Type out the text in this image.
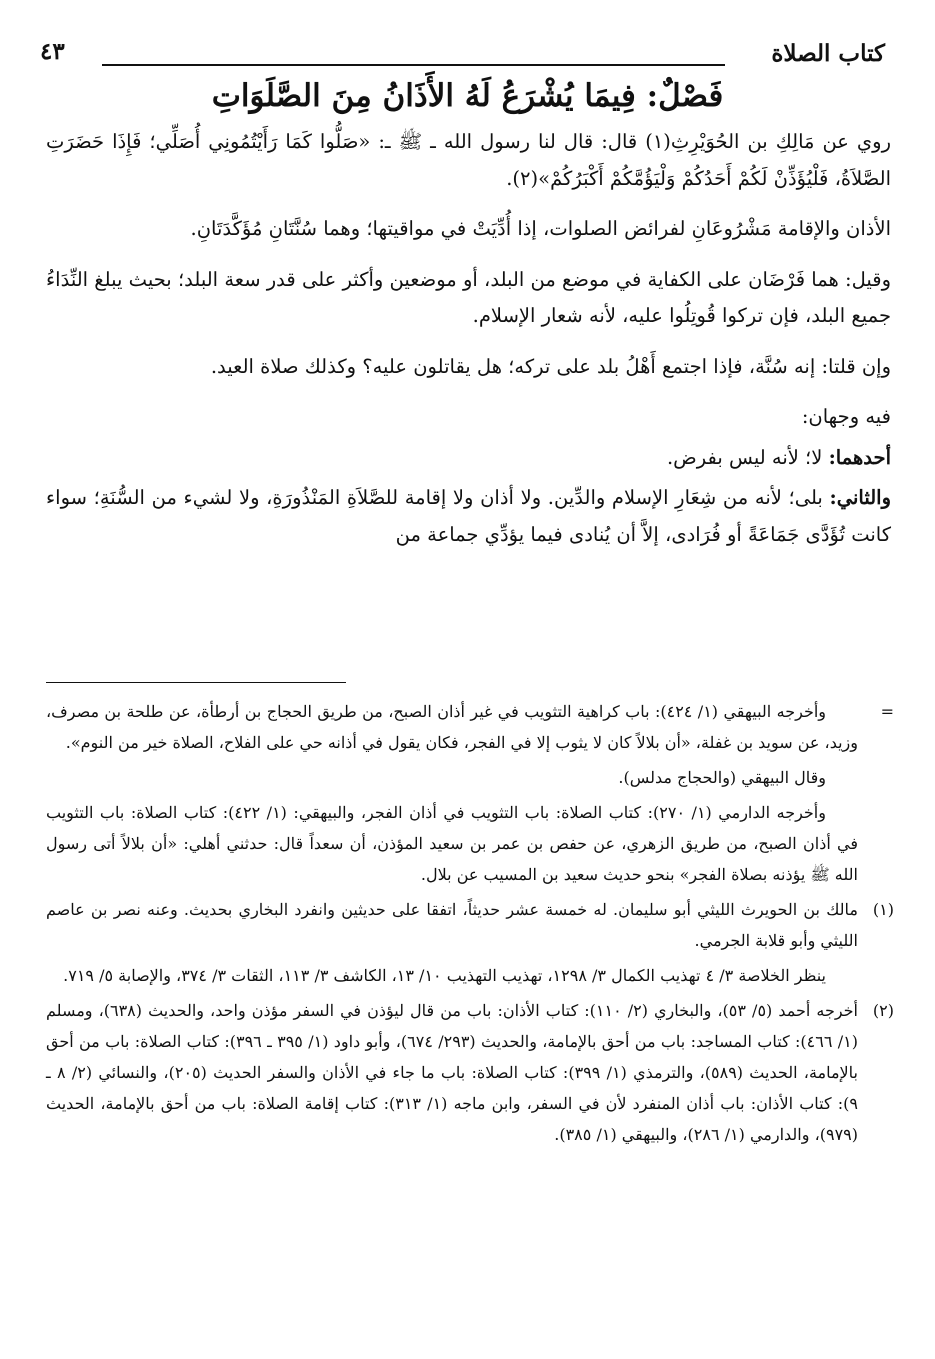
كتاب الصلاة
٤٣
فَصْلٌ: فِيمَا يُشْرَعُ لَهُ الأَذَانُ مِنَ الصَّلَوَاتِ

روي عن مَالِكِ بن الحُوَيْرِثِ(١) قال: قال لنا رسول الله ـ ﷺ ـ: «صَلُّوا كَمَا رَأَيْتُمُونِي أُصَلِّي؛ فَإِذَا حَضَرَتِ الصَّلاَةُ، فَلْيُؤَذِّنْ لَكُمْ أَحَدُكُمْ وَلْيَؤُمَّكُمْ أَكْبَرُكُمْ»(٢).

الأذان والإقامة مَشْرُوعَانِ لفرائض الصلوات، إذا أُدِّيَتْ في مواقيتها؛ وهما سُنَّتَانِ مُؤَكَّدَتَانِ.

وقيل: هما فَرْضَان على الكفاية في موضع من البلد، أو موضعين وأكثر على قدر سعة البلد؛ بحيث يبلغ النِّدَاءُ جميع البلد، فإن تركوا قُوتِلُوا عليه، لأنه شعار الإسلام.

وإن قلتا: إنه سُنَّة، فإذا اجتمع أَهْلُ بلد على تركه؛ هل يقاتلون عليه؟ وكذلك صلاة العيد.

فيه وجهان:

أحدهما: لا؛ لأنه ليس بفرض.

والثاني: بلى؛ لأنه من شِعَارِ الإسلام والدِّين. ولا أذان ولا إقامة للصَّلاَةِ المَنْذُورَةِ، ولا لشيء من السُّنَةِ؛ سواء كانت تُؤَدَّى جَمَاعَةً أو فُرَادى، إلاَّ أن يُنادى فيما يؤدِّي جماعة من

=

وأخرجه البيهقي (١/ ٤٢٤): باب كراهية التثويب في غير أذان الصبح، من طريق الحجاج بن أرطأة، عن طلحة بن مصرف، وزيد، عن سويد بن غفلة، «أن بلالاً كان لا يثوب إلا في الفجر، فكان يقول في أذانه حي على الفلاح، الصلاة خير من النوم».

وقال البيهقي (والحجاج مدلس).

وأخرجه الدارمي (١/ ٢٧٠): كتاب الصلاة: باب التثويب في أذان الفجر، والبيهقي: (١/ ٤٢٢): كتاب الصلاة: باب التثويب في أذان الصبح، من طريق الزهري، عن حفص بن عمر بن سعيد المؤذن، أن سعداً قال: حدثني أهلي: «أن بلالاً أتى رسول الله ﷺ يؤذنه بصلاة الفجر» بنحو حديث سعيد بن المسيب عن بلال.

(١)

مالك بن الحويرث الليثي أبو سليمان. له خمسة عشر حديثاً، اتفقا على حديثين وانفرد البخاري بحديث. وعنه نصر بن عاصم الليثي وأبو قلابة الجرمي.

ينظر الخلاصة ٣/ ٤ تهذيب الكمال ٣/ ١٢٩٨، تهذيب التهذيب ١٠/ ١٣، الكاشف ٣/ ١١٣، الثقات ٣/ ٣٧٤، والإصابة ٥/ ٧١٩.

(٢)

أخرجه أحمد (٥/ ٥٣)، والبخاري (٢/ ١١٠): كتاب الأذان: باب من قال ليؤذن في السفر مؤذن واحد، والحديث (٦٣٨)، ومسلم (١/ ٤٦٦): كتاب المساجد: باب من أحق بالإمامة، والحديث (٢٩٣/ ٦٧٤)، وأبو داود (١/ ٣٩٥ ـ ٣٩٦): كتاب الصلاة: باب من أحق بالإمامة، الحديث (٥٨٩)، والترمذي (١/ ٣٩٩): كتاب الصلاة: باب ما جاء في الأذان والسفر الحديث (٢٠٥)، والنسائي (٢/ ٨ ـ ٩): كتاب الأذان: باب أذان المنفرد لأن في السفر، وابن ماجه (١/ ٣١٣): كتاب إقامة الصلاة: باب من أحق بالإمامة، الحديث (٩٧٩)، والدارمي (١/ ٢٨٦)، والبيهقي (١/ ٣٨٥).
